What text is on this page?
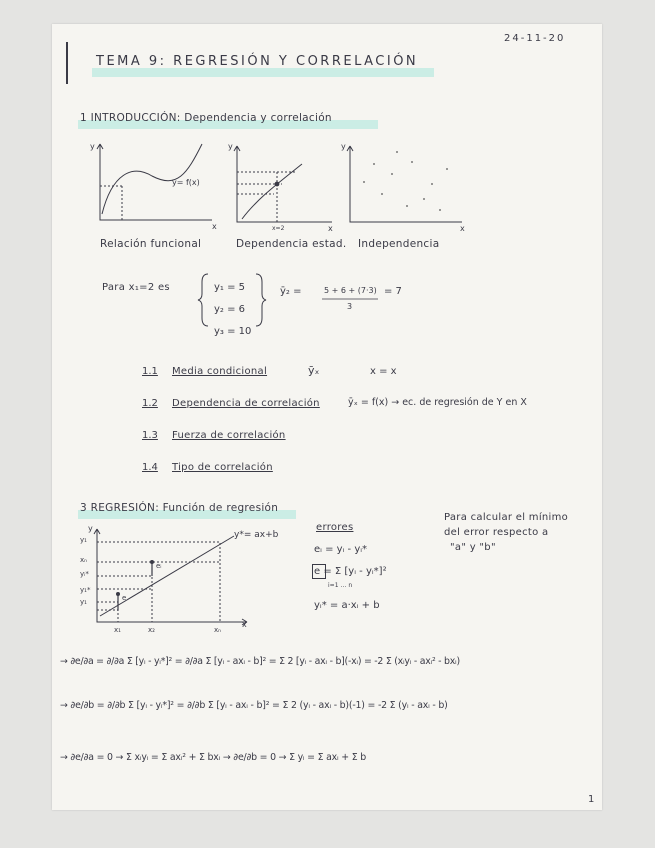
24-11-20
TEMA 9: REGRESIÓN Y CORRELACIÓN
1 INTRODUCCIÓN: Dependencia y correlación
y
x
y= f(x)
y
x
x=2
y
x
Relación funcional	Dependencia estad. Independencia
Para x₁=2 es	y₁ = 5
y₂ = 6
y₃ = 10
ȳ₂ =	5 + 6 + (7·3)
3
= 7
1.1 Media condicional	ȳₓ	x = x
1.2 Dependencia de correlación	ȳₓ = f(x) → ec. de regresión de Y en X
1.3 Fuerza de correlación
1.4 Tipo de correlación
3 REGRESIÓN: Función de regresión
y
x
y*= ax+b
y₁
xₙ
yᵢ*
y₁*
y₁
x₁	x₂	xₙ
eᵢ
e
errores
eᵢ = yᵢ - yᵢ*
e = Σ [yᵢ - yᵢ*]²
i=1 … n
yᵢ* = a·xᵢ + b
Para calcular el mínimo
del error respecto a
"a" y "b"
→ ∂e/∂a = ∂/∂a Σ [yᵢ - yᵢ*]² = ∂/∂a Σ [yᵢ - axᵢ - b]² = Σ 2 [yᵢ - axᵢ - b](-xᵢ) = -2 Σ (xᵢyᵢ - axᵢ² - bxᵢ)
→ ∂e/∂b = ∂/∂b Σ [yᵢ - yᵢ*]² = ∂/∂b Σ [yᵢ - axᵢ - b]² = Σ 2 (yᵢ - axᵢ - b)(-1) = -2 Σ (yᵢ - axᵢ - b)
→ ∂e/∂a = 0 → Σ xᵢyᵢ = Σ axᵢ² + Σ bxᵢ → ∂e/∂b = 0 → Σ yᵢ = Σ axᵢ + Σ b
1
